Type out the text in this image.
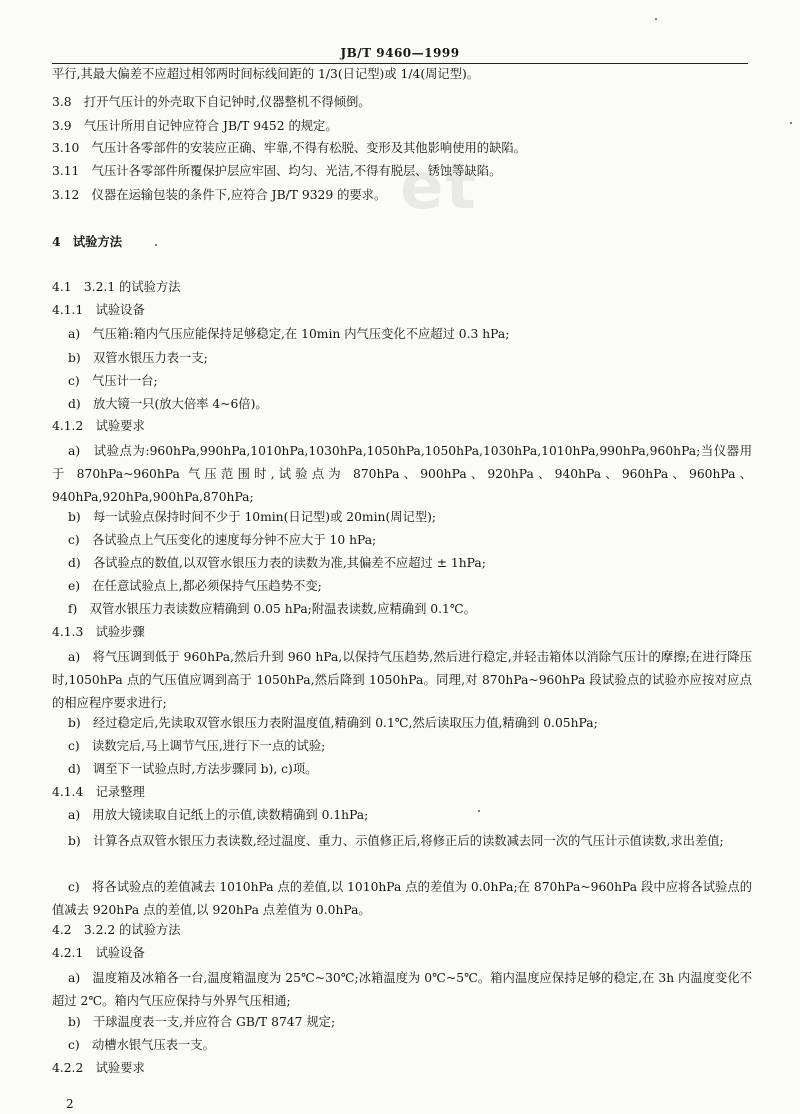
JB/T 9460—1999
et
平行,其最大偏差不应超过相邻两时间标线间距的 1/3(日记型)或 1/4(周记型)。
3.8　打开气压计的外壳取下自记钟时,仪器整机不得倾倒。
3.9　气压计所用自记钟应符合 JB/T 9452 的规定。
3.10　气压计各零部件的安装应正确、牢靠,不得有松脱、变形及其他影响使用的缺陷。
3.11　气压计各零部件所覆保护层应牢固、均匀、光洁,不得有脱层、锈蚀等缺陷。
3.12　仪器在运输包装的条件下,应符合 JB/T 9329 的要求。
4　试验方法
4.1　3.2.1 的试验方法
4.1.1　试验设备
a)　气压箱:箱内气压应能保持足够稳定,在 10min 内气压变化不应超过 0.3 hPa;
b)　双管水银压力表一支;
c)　气压计一台;
d)　放大镜一只(放大倍率 4~6倍)。
4.1.2　试验要求
a)　试验点为:960hPa,990hPa,1010hPa,1030hPa,1050hPa,1050hPa,1030hPa,1010hPa,990hPa,960hPa;当仪器用于 870hPa~960hPa 气压范围时,试验点为 870hPa、900hPa、920hPa、940hPa、960hPa、960hPa、940hPa,920hPa,900hPa,870hPa;
b)　每一试验点保持时间不少于 10min(日记型)或 20min(周记型);
c)　各试验点上气压变化的速度每分钟不应大于 10 hPa;
d)　各试验点的数值,以双管水银压力表的读数为准,其偏差不应超过 ± 1hPa;
e)　在任意试验点上,都必须保持气压趋势不变;
f)　双管水银压力表读数应精确到 0.05 hPa;附温表读数,应精确到 0.1℃。
4.1.3　试验步骤
a)　将气压调到低于 960hPa,然后升到 960 hPa,以保持气压趋势,然后进行稳定,并轻击箱体以消除气压计的摩擦;在进行降压时,1050hPa 点的气压值应调到高于 1050hPa,然后降到 1050hPa。同理,对 870hPa~960hPa 段试验点的试验亦应按对应点的相应程序要求进行;
b)　经过稳定后,先读取双管水银压力表附温度值,精确到 0.1℃,然后读取压力值,精确到 0.05hPa;
c)　读数完后,马上调节气压,进行下一点的试验;
d)　调至下一试验点时,方法步骤同 b), c)项。
4.1.4　记录整理
a)　用放大镜读取自记纸上的示值,读数精确到 0.1hPa;
b)　计算各点双管水银压力表读数,经过温度、重力、示值修正后,将修正后的读数减去同一次的气压计示值读数,求出差值;
c)　将各试验点的差值减去 1010hPa 点的差值,以 1010hPa 点的差值为 0.0hPa;在 870hPa~960hPa 段中应将各试验点的值减去 920hPa 点的差值,以 920hPa 点差值为 0.0hPa。
4.2　3.2.2 的试验方法
4.2.1　试验设备
a)　温度箱及冰箱各一台,温度箱温度为 25℃~30℃;冰箱温度为 0℃~5℃。箱内温度应保持足够的稳定,在 3h 内温度变化不超过 2℃。箱内气压应保持与外界气压相通;
b)　干球温度表一支,并应符合 GB/T 8747 规定;
c)　动槽水银气压表一支。
4.2.2　试验要求
2
